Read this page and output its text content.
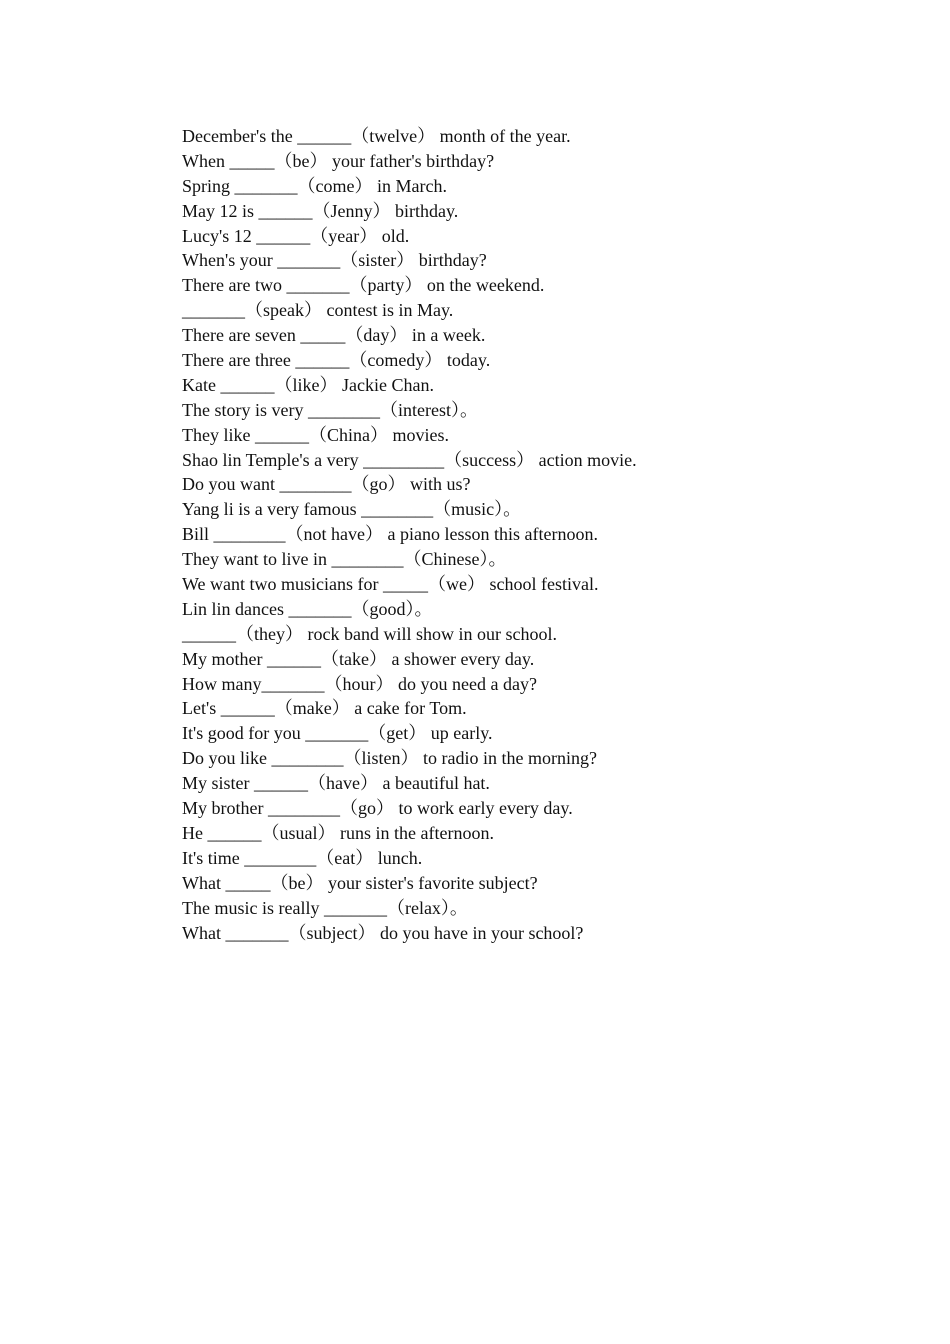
December's the ______（twelve） month of the year.
When _____（be） your father's birthday?
Spring _______（come） in March.
May 12 is ______（Jenny） birthday.
Lucy's 12 ______（year） old.
When's your _______（sister） birthday?
There are two _______（party） on the weekend.
_______（speak） contest is in May.
There are seven _____（day） in a week.
There are three ______（comedy） today.
Kate ______（like） Jackie Chan.
The story is very ________（interest）。
They like ______（China） movies.
Shao lin Temple's a very _________（success） action movie.
Do you want ________（go） with us?
Yang li is a very famous ________（music）。
Bill ________（not have） a piano lesson this afternoon.
They want to live in ________（Chinese）。
We want two musicians for _____（we） school festival.
Lin lin dances _______（good）。
______（they） rock band will show in our school.
My mother ______（take） a shower every day.
How many_______（hour） do you need a day?
Let's ______（make） a cake for Tom.
It's good for you _______（get） up early.
Do you like ________（listen） to radio in the morning?
My sister ______（have） a beautiful hat.
My brother ________（go） to work early every day.
He ______（usual） runs in the afternoon.
It's time ________（eat） lunch.
What _____（be） your sister's favorite subject?
The music is really _______（relax）。
What _______（subject） do you have in your school?
